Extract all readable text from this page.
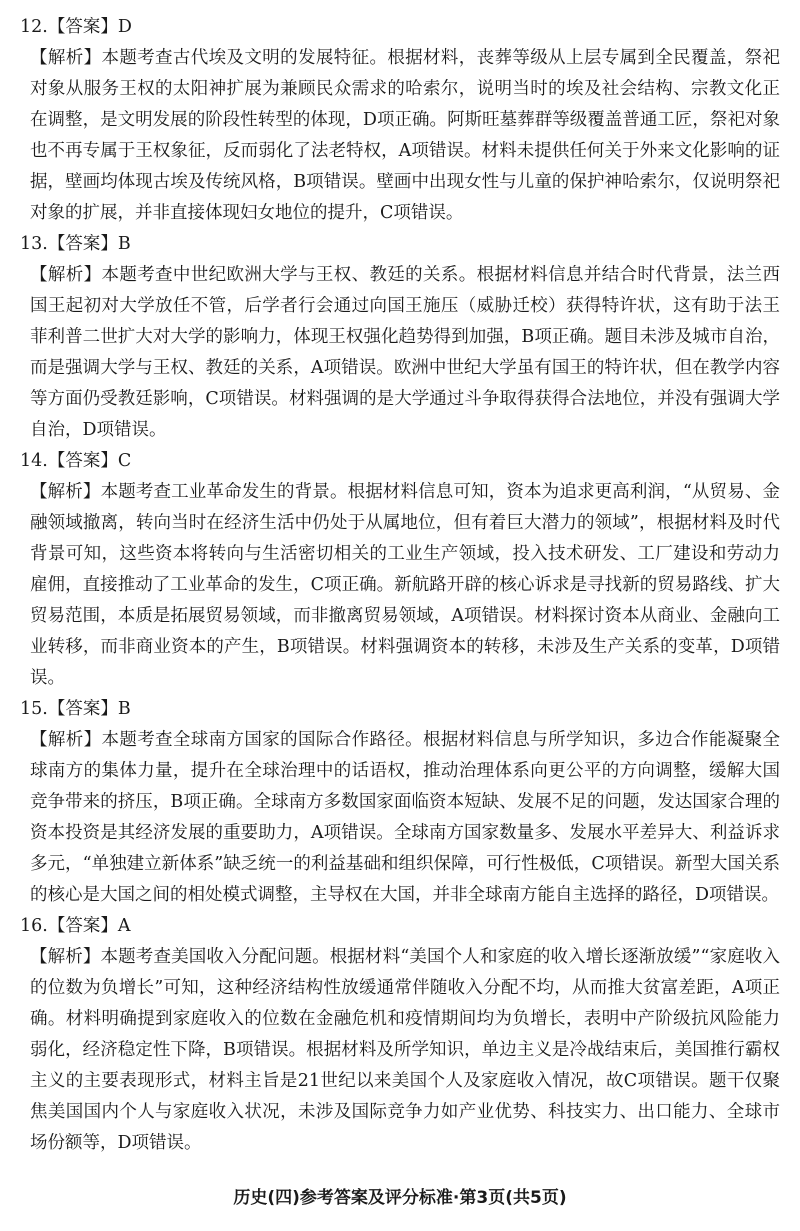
12.【答案】D

【解析】本题考查古代埃及文明的发展特征。根据材料，丧葬等级从上层专属到全民覆盖，祭祀对象从服务王权的太阳神扩展为兼顾民众需求的哈索尔，说明当时的埃及社会结构、宗教文化正在调整，是文明发展的阶段性转型的体现，D项正确。阿斯旺墓葬群等级覆盖普通工匠，祭祀对象也不再专属于王权象征，反而弱化了法老特权，A项错误。材料未提供任何关于外来文化影响的证据，壁画均体现古埃及传统风格，B项错误。壁画中出现女性与儿童的保护神哈索尔，仅说明祭祀对象的扩展，并非直接体现妇女地位的提升，C项错误。

13.【答案】B

【解析】本题考查中世纪欧洲大学与王权、教廷的关系。根据材料信息并结合时代背景，法兰西国王起初对大学放任不管，后学者行会通过向国王施压（威胁迁校）获得特许状，这有助于法王菲利普二世扩大对大学的影响力，体现王权强化趋势得到加强，B项正确。题目未涉及城市自治，而是强调大学与王权、教廷的关系，A项错误。欧洲中世纪大学虽有国王的特许状，但在教学内容等方面仍受教廷影响，C项错误。材料强调的是大学通过斗争取得获得合法地位，并没有强调大学自治，D项错误。

14.【答案】C

【解析】本题考查工业革命发生的背景。根据材料信息可知，资本为追求更高利润，“从贸易、金融领域撤离，转向当时在经济生活中仍处于从属地位，但有着巨大潜力的领域”，根据材料及时代背景可知，这些资本将转向与生活密切相关的工业生产领域，投入技术研发、工厂建设和劳动力雇佣，直接推动了工业革命的发生，C项正确。新航路开辟的核心诉求是寻找新的贸易路线、扩大贸易范围，本质是拓展贸易领域，而非撤离贸易领域，A项错误。材料探讨资本从商业、金融向工业转移，而非商业资本的产生，B项错误。材料强调资本的转移，未涉及生产关系的变革，D项错误。

15.【答案】B

【解析】本题考查全球南方国家的国际合作路径。根据材料信息与所学知识，多边合作能凝聚全球南方的集体力量，提升在全球治理中的话语权，推动治理体系向更公平的方向调整，缓解大国竞争带来的挤压，B项正确。全球南方多数国家面临资本短缺、发展不足的问题，发达国家合理的资本投资是其经济发展的重要助力，A项错误。全球南方国家数量多、发展水平差异大、利益诉求多元，“单独建立新体系”缺乏统一的利益基础和组织保障，可行性极低，C项错误。新型大国关系的核心是大国之间的相处模式调整，主导权在大国，并非全球南方能自主选择的路径，D项错误。

16.【答案】A

【解析】本题考查美国收入分配问题。根据材料“美国个人和家庭的收入增长逐渐放缓”“家庭收入的位数为负增长”可知，这种经济结构性放缓通常伴随收入分配不均，从而推大贫富差距，A项正确。材料明确提到家庭收入的位数在金融危机和疫情期间均为负增长，表明中产阶级抗风险能力弱化，经济稳定性下降，B项错误。根据材料及所学知识，单边主义是冷战结束后，美国推行霸权主义的主要表现形式，材料主旨是21世纪以来美国个人及家庭收入情况，故C项错误。题干仅聚焦美国国内个人与家庭收入状况，未涉及国际竞争力如产业优势、科技实力、出口能力、全球市场份额等，D项错误。

历史(四)参考答案及评分标准·第3页(共5页)
